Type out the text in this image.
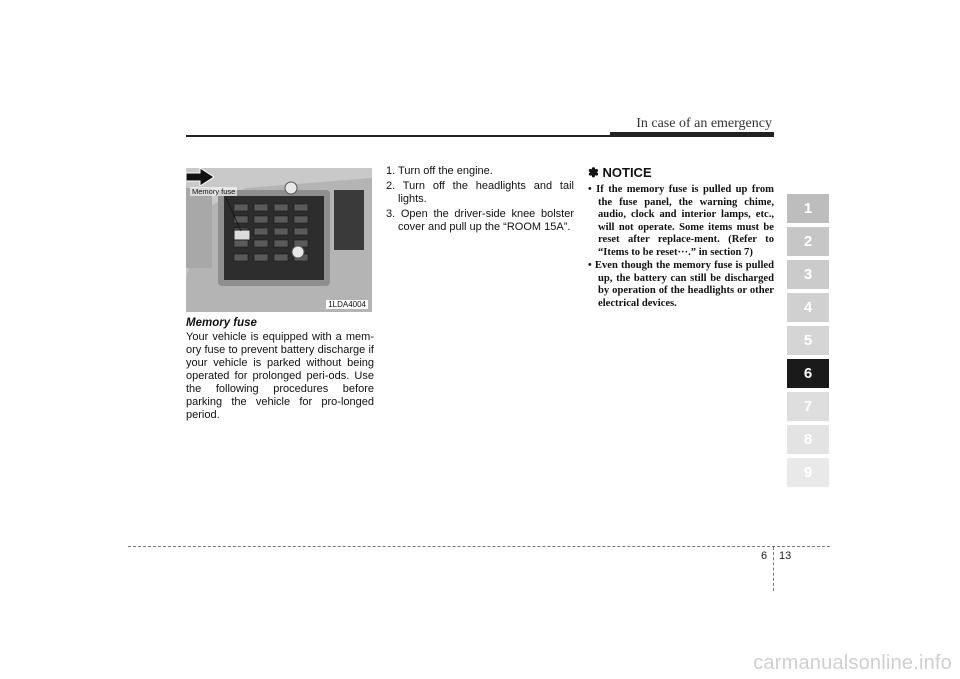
In case of an emergency
Memory fuse
1LDA4004
Memory fuse
Your vehicle is equipped with a mem-ory fuse to prevent battery discharge if your vehicle is parked without being operated for prolonged peri-ods. Use the following procedures before parking the vehicle for pro-longed period.
1. Turn off the engine.
2. Turn off the headlights and tail lights.
3. Open the driver-side knee bolster cover and pull up the “ROOM 15A”.
✽ NOTICE
• If the memory fuse is pulled up from the fuse panel, the warning chime, audio, clock and interior lamps, etc., will not operate. Some items must be reset after replace-ment. (Refer to “Items to be reset···.” in section 7)
• Even though the memory fuse is pulled up, the battery can still be discharged by operation of the headlights or other electrical devices.
1
2
3
4
5
6
7
8
9
6 13
carmanualsonline.info
